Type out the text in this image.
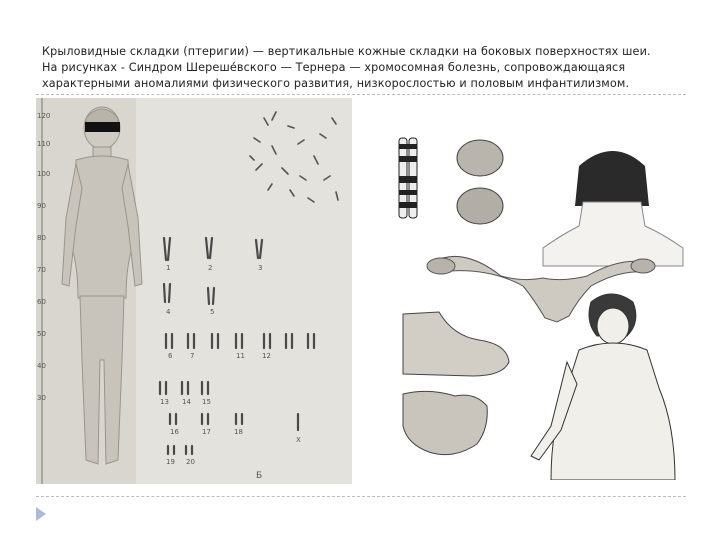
Крыловидные складки (птеригии) — вертикальные кожные складки на боковых поверхностях шеи.

На рисунках - Синдром Шереше́вского — Тернера — хромосомная болезнь, сопровождающаяся

характерными аномалиями физического развития, низкорослостью и половым инфантилизмом.

120
110
100
90
80
70
60
50
40
30
1	2	3
4	5
6	7	11 12
13 14 15
16	17	18
19 20
X
Б
